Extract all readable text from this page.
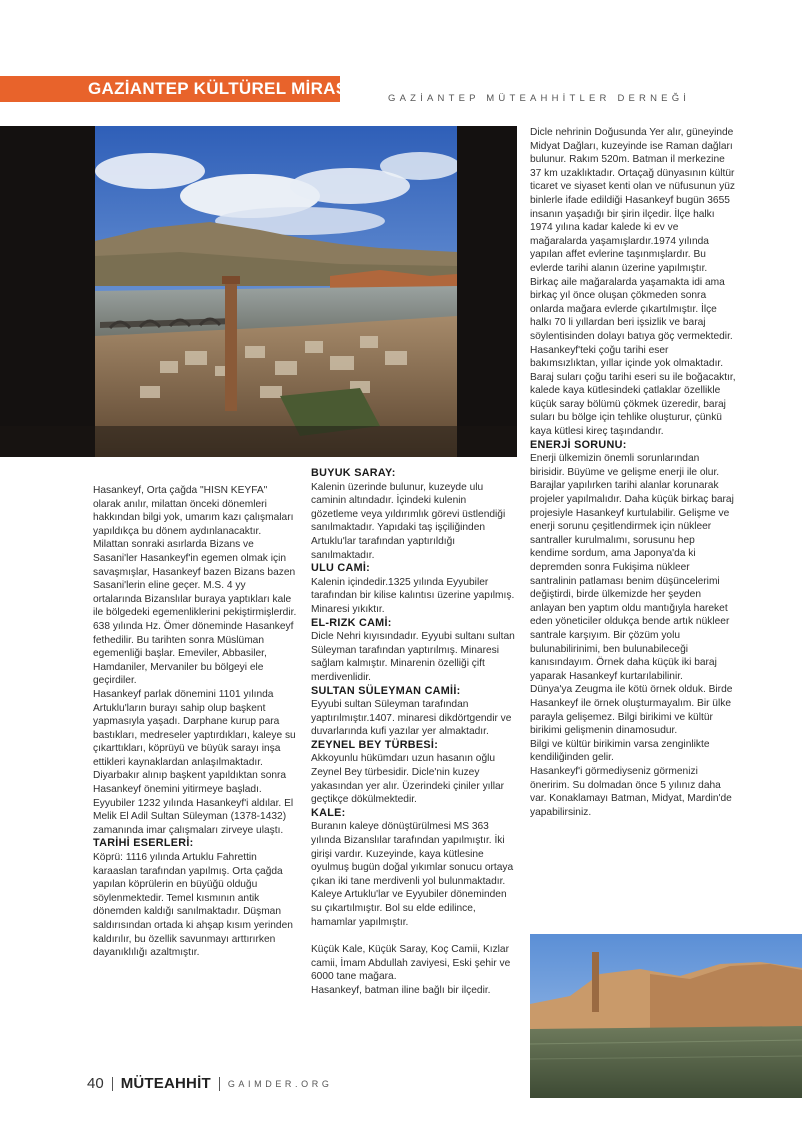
GAZİANTEP KÜLTÜREL MİRAS
GAZİANTEP MÜTEAHHİTLER DERNEĞİ

Hasankeyf, Orta çağda "HISN KEYFA" olarak anılır, milattan önceki dönemleri hakkından bilgi yok, umarım kazı çalışmaları yapıldıkça bu dönem aydınlanacaktır.

Milattan sonraki asırlarda Bizans ve Sasani'ler Hasankeyf'in egemen olmak için savaşmışlar, Hasankeyf bazen Bizans bazen Sasani'lerin eline geçer. M.S. 4 yy ortalarında Bizanslılar buraya yaptıkları kale ile bölgedeki egemenliklerini pekiştirmişlerdir.

638 yılında Hz. Ömer döneminde Hasankeyf fethedilir. Bu tarihten sonra Müslüman egemenliği başlar. Emeviler, Abbasiler, Hamdaniler, Mervaniler bu bölgeyi ele geçirdiler.

Hasankeyf parlak dönemini 1101 yılında Artuklu'ların burayı sahip olup başkent yapmasıyla yaşadı. Darphane kurup para bastıkları, medreseler yaptırdıkları, kaleye su çıkarttıkları, köprüyü ve büyük sarayı inşa ettikleri kaynaklardan anlaşılmaktadır. Diyarbakır alınıp başkent yapıldıktan sonra Hasankeyf önemini yitirmeye başladı.

Eyyubiler 1232 yılında Hasankeyf'i aldılar. El Melik El Adil Sultan Süleyman (1378-1432) zamanında imar çalışmaları zirveye ulaştı.

TARİHİ ESERLERİ:

Köprü: 1116 yılında Artuklu Fahrettin karaaslan tarafından yapılmış. Orta çağda yapılan köprülerin en büyüğü olduğu söylenmektedir. Temel kısmının antik dönemden kaldığı sanılmaktadır. Düşman saldırısından ortada ki ahşap kısım yerinden kaldırılır, bu özellik savunmayı arttırırken dayanıklılığı azaltmıştır.

BUYUK SARAY:

Kalenin üzerinde bulunur, kuzeyde ulu caminin altındadır. İçindeki kulenin gözetleme veya yıldırımlık görevi üstlendiği sanılmaktadır. Yapıdaki taş işçiliğinden Artuklu'lar tarafından yaptırıldığı sanılmaktadır.

ULU CAMİ:

Kalenin içindedir.1325 yılında Eyyubiler tarafından bir kilise kalıntısı üzerine yapılmış. Minaresi yıkıktır.

EL-RIZK CAMİ:

Dicle Nehri kıyısındadır. Eyyubi sultanı sultan Süleyman tarafından yaptırılmış. Minaresi sağlam kalmıştır. Minarenin özelliği çift merdivenlidir.

SULTAN SÜLEYMAN CAMİİ:

Eyyubi sultan Süleyman tarafından yaptırılmıştır.1407. minaresi dikdörtgendir ve duvarlarında kufi yazılar yer almaktadır.

ZEYNEL BEY TÜRBESİ:

Akkoyunlu hükümdarı uzun hasanın oğlu Zeynel Bey türbesidir. Dicle'nin kuzey yakasından yer alır. Üzerindeki çiniler yıllar geçtikçe dökülmektedir.

KALE:

Buranın kaleye dönüştürülmesi MS 363 yılında Bizanslılar tarafından yapılmıştır. İki girişi vardır. Kuzeyinde, kaya kütlesine oyulmuş bugün doğal yıkımlar sonucu ortaya çıkan iki tane merdivenli yol bulunmaktadır. Kaleye Artuklu'lar ve Eyyubiler döneminden su çıkartılmıştır. Bol su elde edilince, hamamlar yapılmıştır.

Küçük Kale, Küçük Saray, Koç Camii, Kızlar camii, İmam Abdullah zaviyesi, Eski şehir ve 6000 tane mağara.

Hasankeyf, batman iline bağlı bir ilçedir.

Dicle nehrinin Doğusunda Yer alır, güneyinde Midyat Dağları, kuzeyinde ise Raman dağları bulunur. Rakım 520m. Batman il merkezine 37 km uzaklıktadır. Ortaçağ dünyasının kültür ticaret ve siyaset kenti olan ve nüfusunun yüz binlerle ifade edildiği Hasankeyf bugün 3655 insanın yaşadığı bir şirin ilçedir. İlçe halkı 1974 yılına kadar kalede ki ev ve mağaralarda yaşamışlardır.1974 yılında yapılan affet evlerine taşınmışlardır. Bu evlerde tarihi alanın üzerine yapılmıştır. Birkaç aile mağaralarda yaşamakta idi ama birkaç yıl önce oluşan çökmeden sonra onlarda mağara evlerde çıkartılmıştır. İlçe halkı 70 li yıllardan beri işsizlik ve baraj söylentisinden dolayı batıya göç vermektedir.

Hasankeyf'teki çoğu tarihi eser bakımsızlıktan, yıllar içinde yok olmaktadır. Baraj suları çoğu tarihi eseri su ile boğacaktır, kalede kaya kütlesindeki çatlaklar özellikle küçük saray bölümü çökmek üzeredir, baraj suları bu bölge için tehlike oluşturur, çünkü kaya kütlesi kireç taşındandır.

ENERJİ SORUNU:

Enerji ülkemizin önemli sorunlarından birisidir. Büyüme ve gelişme enerji ile olur. Barajlar yapılırken tarihi alanlar korunarak projeler yapılmalıdır. Daha küçük birkaç baraj projesiyle Hasankeyf kurtulabilir. Gelişme ve enerji sorunu çeşitlendirmek için nükleer santraller kurulmalımı, sorusunu hep kendime sordum, ama Japonya'da ki depremden sonra Fukişima nükleer santralinin patlaması benim düşüncelerimi değiştirdi, birde ülkemizde her şeyden anlayan ben yaptım oldu mantığıyla hareket eden yöneticiler oldukça bende artık nükleer santrale karşıyım. Bir çözüm yolu bulunabilirinimi, ben bulunabileceği kanısındayım. Örnek daha küçük iki baraj yaparak Hasankeyf kurtarılabilinir.

Dünya'ya Zeugma ile kötü örnek olduk. Birde Hasankeyf ile örnek oluşturmayalım. Bir ülke parayla gelişemez. Bilgi birikimi ve kültür birikimi gelişmenin dinamosudur.

Bilgi ve kültür birikimin varsa zenginlikte kendiliğinden gelir.

Hasankeyf'i görmediyseniz görmenizi öneririm. Su dolmadan önce 5 yılınız daha var. Konaklamayı Batman, Midyat, Mardin'de yapabilirsiniz.

40 MÜTEAHHİT GAIMDER.ORG
